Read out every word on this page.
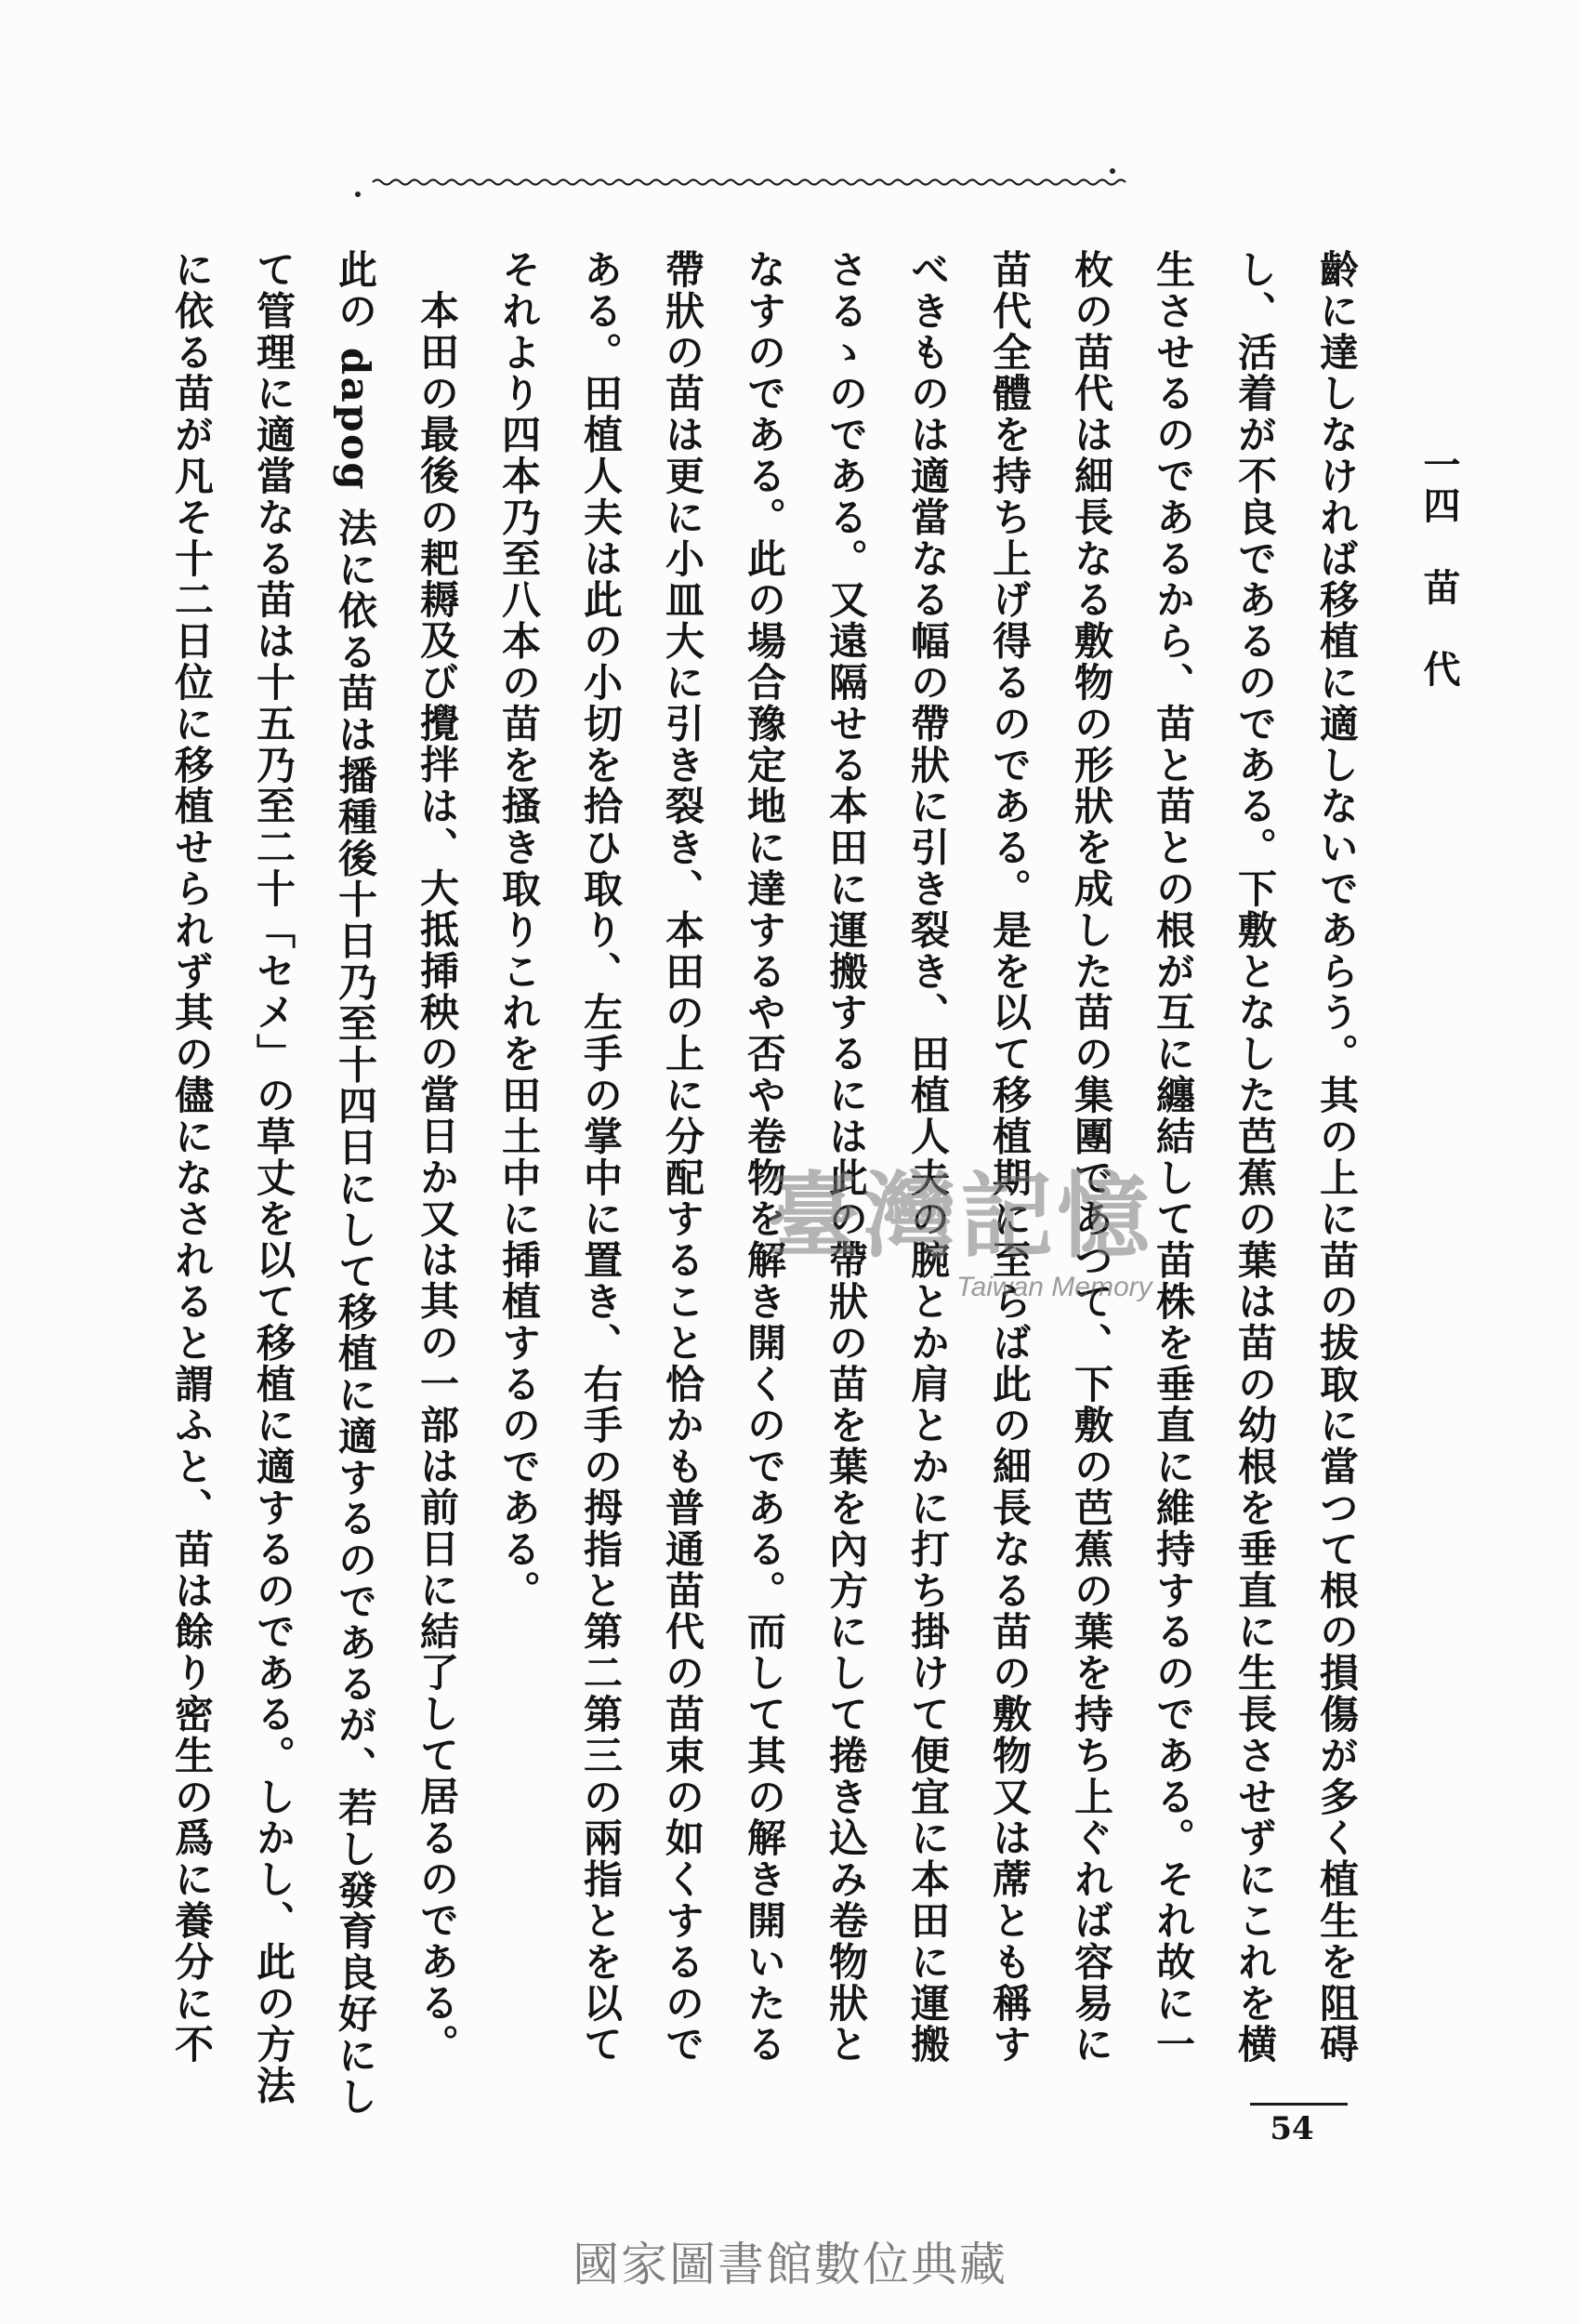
一四　苗　代
齡に達しなければ移植に適しないであらう。其の上に苗の拔取に當つて根の損傷が多く植生を阻碍
し、活着が不良であるのである。下敷となした芭蕉の葉は苗の幼根を垂直に生長させずにこれを横
生させるのであるから、苗と苗との根が互に纏結して苗株を垂直に維持するのである。それ故に一
枚の苗代は細長なる敷物の形狀を成した苗の集團であつて、下敷の芭蕉の葉を持ち上ぐれば容易に
苗代全體を持ち上げ得るのである。是を以て移植期に至らば此の細長なる苗の敷物又は蓆とも稱す
べきものは適當なる幅の帶狀に引き裂き、田植人夫の腕とか肩とかに打ち掛けて便宜に本田に運搬
さるゝのである。又遠隔せる本田に運搬するには此の帶狀の苗を葉を內方にして捲き込み卷物狀と
なすのである。此の場合豫定地に達するや否や卷物を解き開くのである。而して其の解き開いたる
帶狀の苗は更に小皿大に引き裂き、本田の上に分配すること恰かも普通苗代の苗束の如くするので
ある。田植人夫は此の小切を拾ひ取り、左手の掌中に置き、右手の拇指と第二第三の兩指とを以て
それより四本乃至八本の苗を搔き取りこれを田土中に揷植するのである。
本田の最後の耙耨及び攪拌は、大抵揷秧の當日か又は其の一部は前日に結了して居るのである。
此の dapog 法に依る苗は播種後十日乃至十四日にして移植に適するのであるが、若し發育良好にし
て管理に適當なる苗は十五乃至二十「セメ」の草丈を以て移植に適するのである。しかし、此の方法
に依る苗が凡そ十二日位に移植せられず其の儘になされると謂ふと、苗は餘り密生の爲に養分に不	臺灣記憶
Taiwan Memory
54
國家圖書館數位典藏
